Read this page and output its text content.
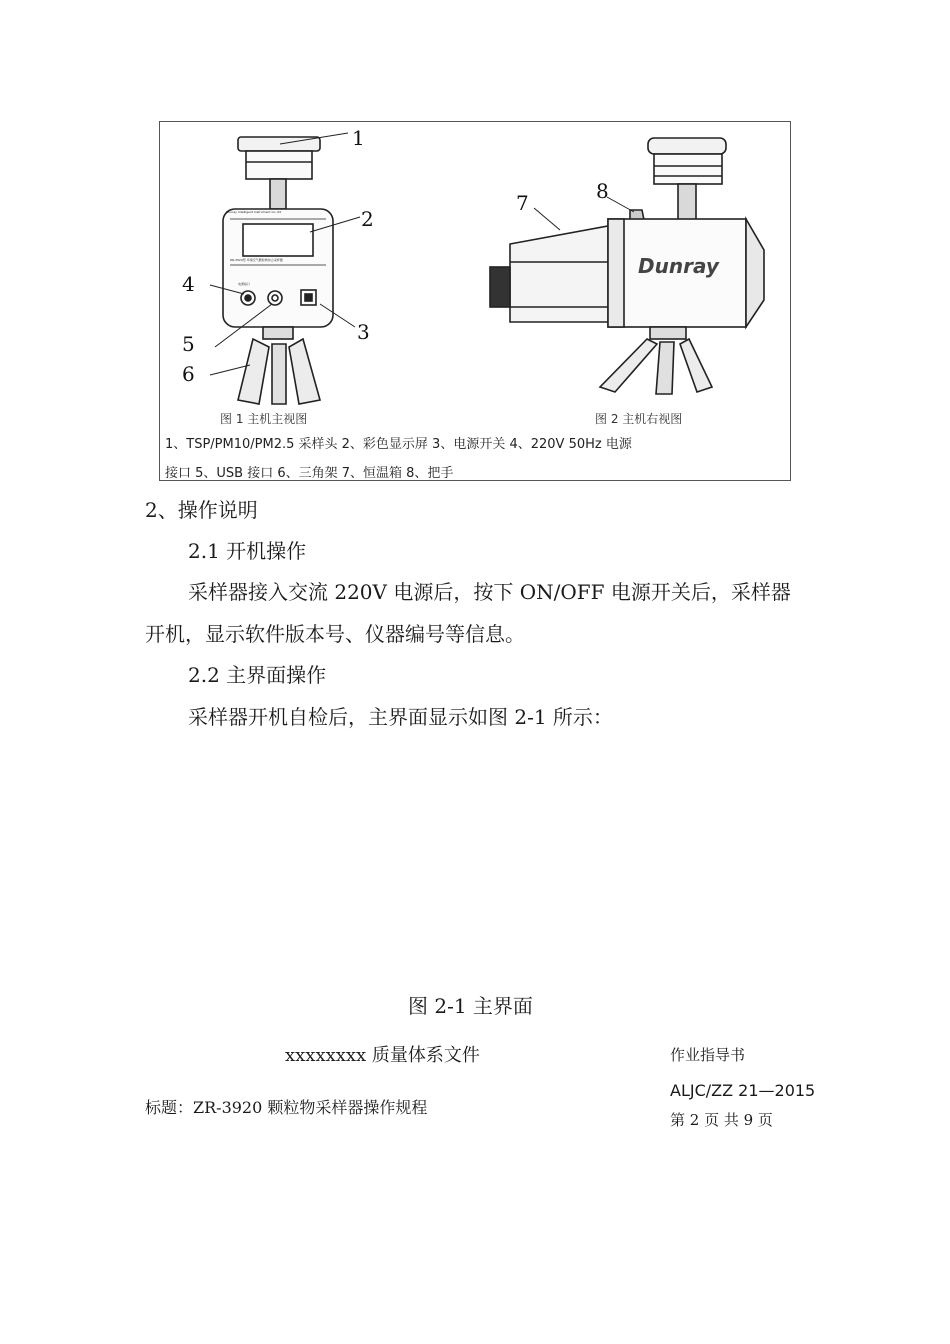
1
2
3
4
5
6
7	8
Dunray Intelligent Instrument Co.,ltd
ZR-3920型 环境空气颗粒物综合采样器
电源接口
Dunray
图 1 主机主视图	图 2 主机右视图
1、TSP/PM10/PM2.5 采样头 2、彩色显示屏 3、电源开关 4、220V 50Hz 电源
接口 5、USB 接口 6、三角架 7、恒温箱 8、把手
2、操作说明
2.1 开机操作
采样器接入交流 220V 电源后，按下 ON/OFF 电源开关后，采样器
开机，显示软件版本号、仪器编号等信息。
2.2 主界面操作
采样器开机自检后，主界面显示如图 2-1 所示：
图 2-1 主界面
xxxxxxxx 质量体系文件	作业指导书
标题：ZR-3920 颗粒物采样器操作规程
ALJC/ZZ 21—2015
第 2 页 共 9 页
